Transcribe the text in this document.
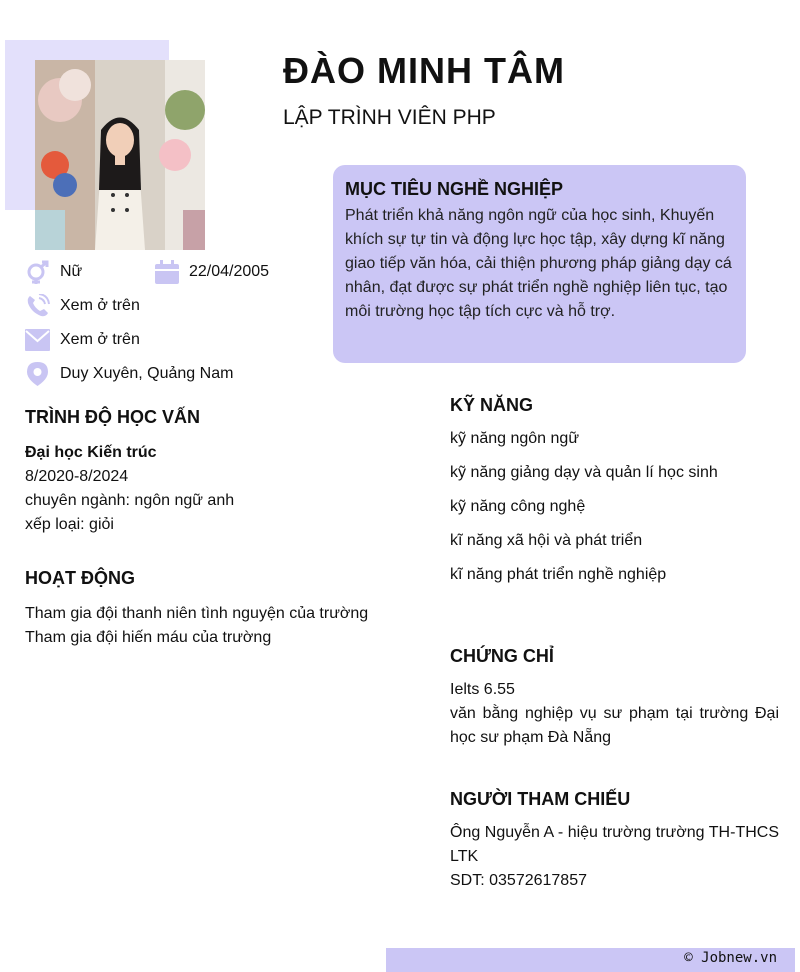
ĐÀO MINH TÂM
LẬP TRÌNH VIÊN PHP
MỤC TIÊU NGHỀ NGHIỆP

Phát triển khả năng ngôn ngữ của học sinh, Khuyến khích sự tự tin và động lực học tập, xây dựng kĩ năng giao tiếp văn hóa, cải thiện phương pháp giảng dạy cá nhân, đạt được sự phát triển nghề nghiệp liên tục, tạo môi trường học tập tích cực và hỗ trợ.

Nữ	22/04/2005
Xem ở trên
Xem ở trên
Duy Xuyên, Quảng Nam
TRÌNH ĐỘ HỌC VẤN
Đại học Kiến trúc
8/2020-8/2024
chuyên ngành: ngôn ngữ anh
xếp loại: giỏi
HOẠT ĐỘNG
Tham gia đội thanh niên tình nguyện của trường
Tham gia đội hiến máu của trường
KỸ NĂNG
kỹ năng ngôn ngữ
kỹ năng giảng dạy và quản lí học sinh
kỹ năng công nghệ
kĩ năng xã hội và phát triển
kĩ năng phát triển nghề nghiệp
CHỨNG CHỈ
Ielts 6.55
văn bằng nghiệp vụ sư phạm tại trường Đại học sư phạm Đà Nẵng
NGƯỜI THAM CHIẾU
Ông Nguyễn A - hiệu trường trường TH-THCS LTK
SDT: 03572617857
© Jobnew.vn
